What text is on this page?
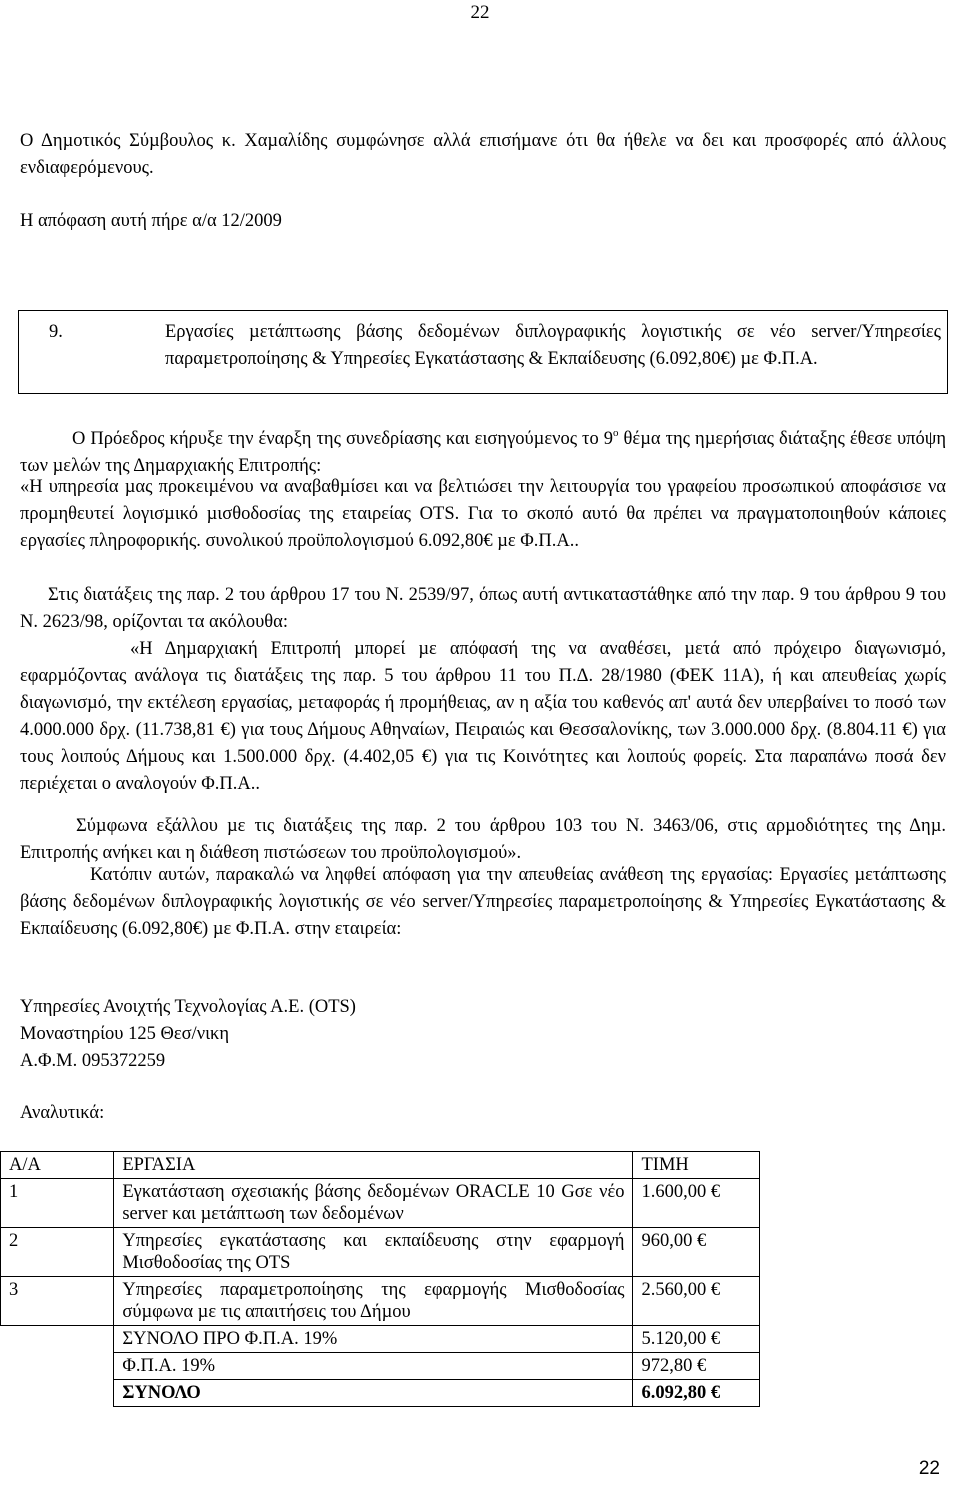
22

Ο Δηµοτικός Σύµβουλος κ. Χαµαλίδης συµφώνησε αλλά επισήµανε ότι θα ήθελε να δει και προσφορές από άλλους ενδιαφερόµενους.

Η απόφαση αυτή πήρε α/α 12/2009

9.	Εργασίες µετάπτωσης βάσης δεδοµένων διπλογραφικής λογιστικής σε νέο server/Υπηρεσίες παραµετροποίησης & Υπηρεσίες Εγκατάστασης & Εκπαίδευσης (6.092,80€) µε Φ.Π.Α.

Ο Πρόεδρος κήρυξε την έναρξη της συνεδρίασης και εισηγούµενος το $9^o$ θέµα της ηµερήσιας διάταξης έθεσε υπόψη των µελών της Δηµαρχιακής Επιτροπής:

«Η υπηρεσία µας προκειµένου να αναβαθµίσει και να βελτιώσει την λειτουργία του γραφείου προσωπικού αποφάσισε να προµηθευτεί λογισµικό µισθοδοσίας της εταιρείας OTS. Για το σκοπό αυτό θα πρέπει να πραγµατοποιηθούν κάποιες εργασίες πληροφορικής. συνολικού προϋπολογισµού 6.092,80€ µε Φ.Π.Α..

Στις διατάξεις της παρ. 2 του άρθρου 17 του Ν. 2539/97, όπως αυτή αντικαταστάθηκε από την παρ. 9 του άρθρου 9 του Ν. 2623/98, ορίζονται τα ακόλουθα:

«Η Δηµαρχιακή Επιτροπή µπορεί µε απόφασή της να αναθέσει, µετά από πρόχειρο διαγωνισµό, εφαρµόζοντας ανάλογα τις διατάξεις της παρ. 5 του άρθρου 11 του Π.Δ. 28/1980 (ΦΕΚ 11Α), ή και απευθείας χωρίς διαγωνισµό, την εκτέλεση εργασίας, µεταφοράς ή προµήθειας, αν η αξία του καθενός απ' αυτά δεν υπερβαίνει το ποσό των 4.000.000 δρχ. (11.738,81 €) για τους Δήµους Αθηναίων, Πειραιώς και Θεσσαλονίκης, των 3.000.000 δρχ. (8.804.11 €) για τους λοιπούς Δήµους και 1.500.000 δρχ. (4.402,05 €) για τις Κοινότητες και λοιπούς φορείς. Στα παραπάνω ποσά δεν περιέχεται ο αναλογούν Φ.Π.Α..

Σύµφωνα εξάλλου µε τις διατάξεις της παρ. 2 του άρθρου 103 του Ν. 3463/06, στις αρµοδιότητες της Δηµ. Επιτροπής ανήκει και η διάθεση πιστώσεων του προϋπολογισµού».

Κατόπιν αυτών, παρακαλώ να ληφθεί απόφαση για την απευθείας ανάθεση της εργασίας: Εργασίες µετάπτωσης βάσης δεδοµένων διπλογραφικής λογιστικής σε νέο server/Υπηρεσίες παραµετροποίησης & Υπηρεσίες Εγκατάστασης & Εκπαίδευσης (6.092,80€) µε Φ.Π.Α. στην εταιρεία:

Υπηρεσίες Ανοιχτής Τεχνολογίας Α.Ε. (OTS)

Μοναστηρίου 125 Θεσ/νικη

Α.Φ.Μ. 095372259

Αναλυτικά:

Α/Α	ΕΡΓΑΣΙΑ	ΤΙΜΗ
1	Εγκατάσταση σχεσιακής βάσης δεδοµένων ORACLE 10 Gσε νέο server και µετάπτωση των δεδοµένων	1.600,00 €
2	Υπηρεσίες εγκατάστασης και εκπαίδευσης στην εφαρµογή Μισθοδοσίας της OTS	960,00 €
3	Υπηρεσίες παραµετροποίησης της εφαρµογής Μισθοδοσίας σύµφωνα µε τις απαιτήσεις του Δήµου	2.560,00 €
	ΣΥΝΟΛΟ ΠΡΟ Φ.Π.Α. 19%	5.120,00 €
	Φ.Π.Α. 19%	972,80 €
	ΣΥΝΟΛΟ	6.092,80 €
22
